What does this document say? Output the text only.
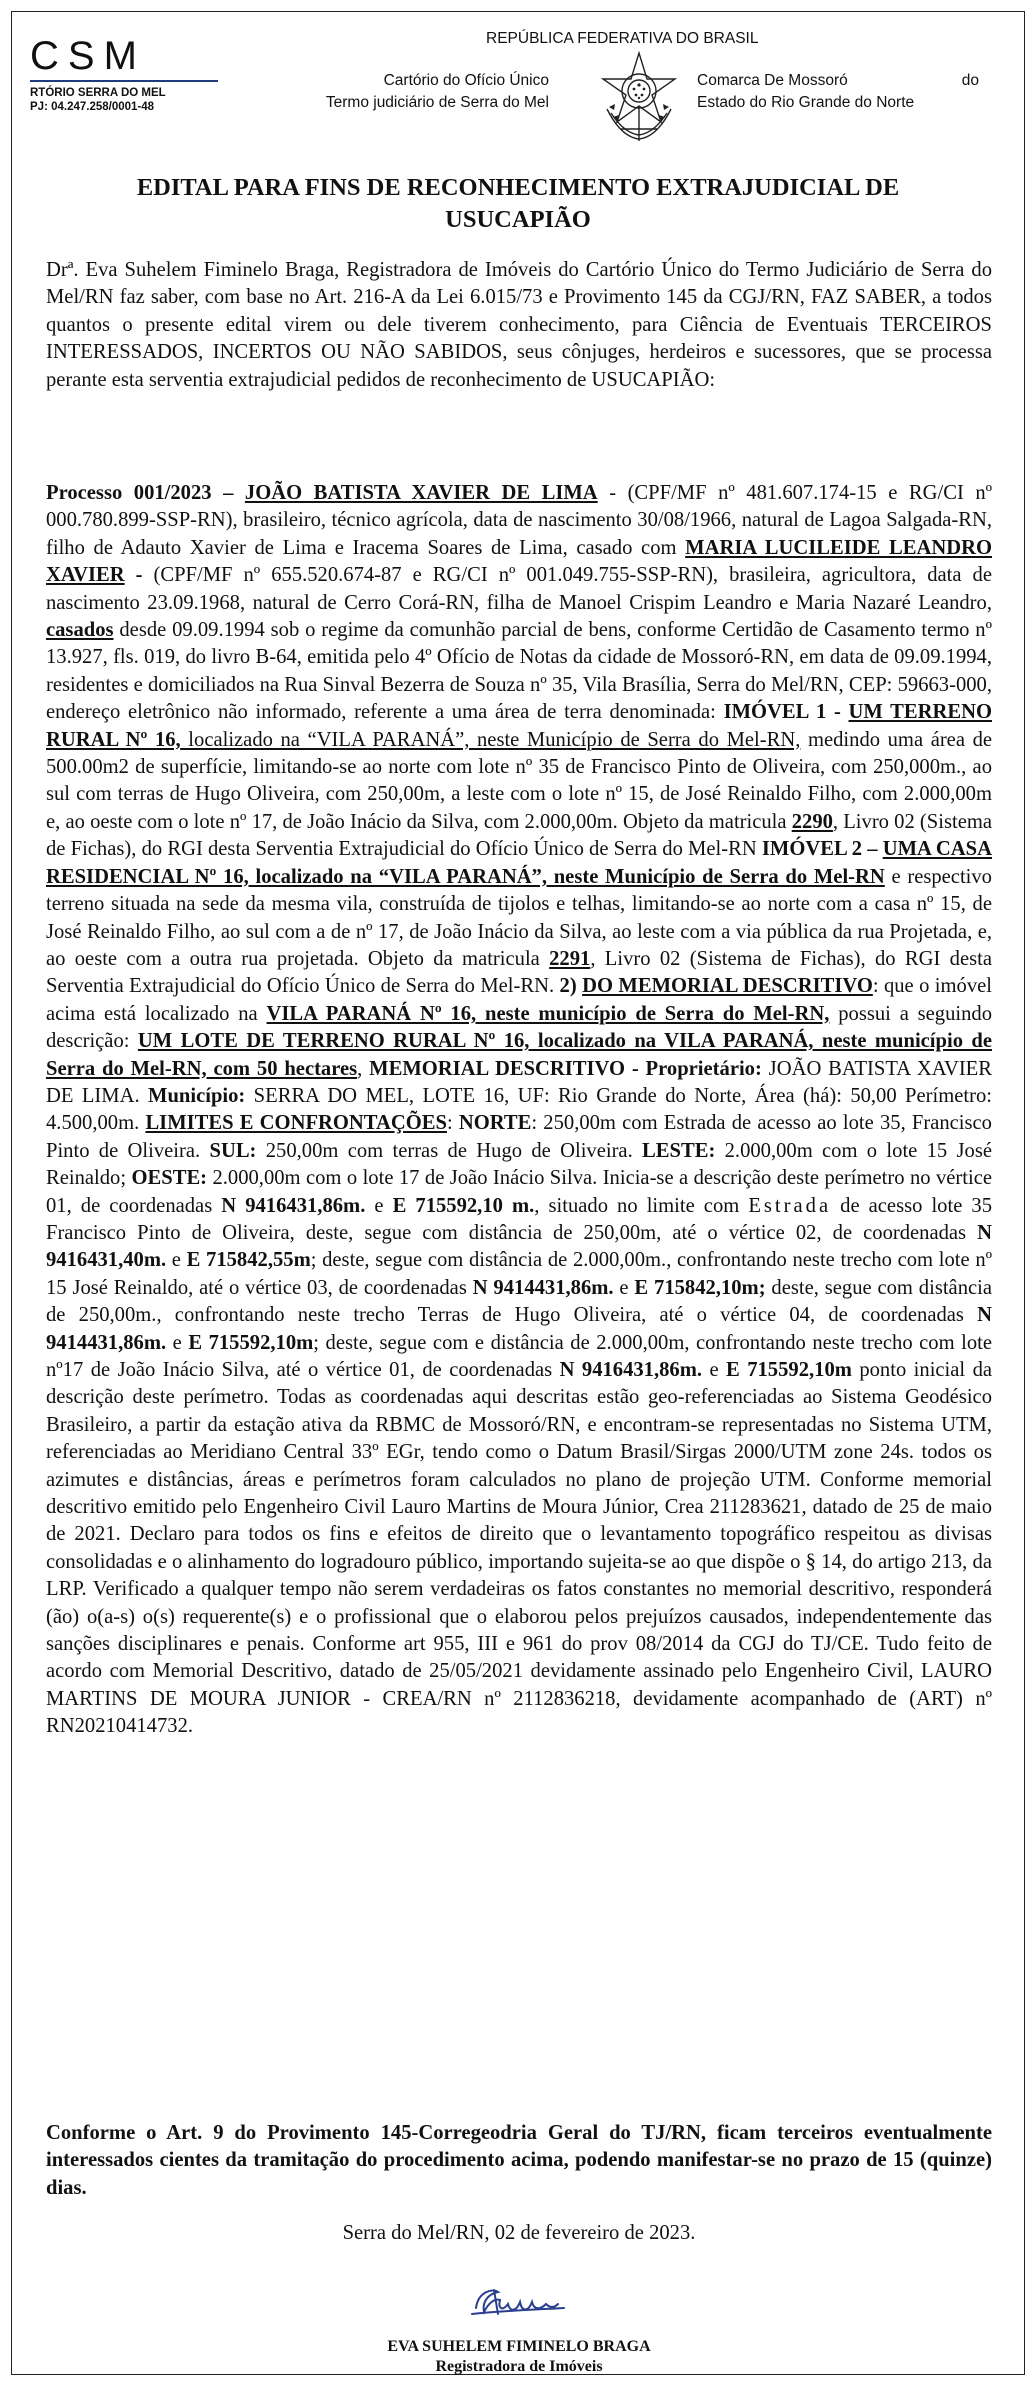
CSM
RTÓRIO SERRA DO MEL
PJ: 04.247.258/0001-48
REPÚBLICA FEDERATIVA DO BRASIL
Cartório do Ofício Único
Termo judiciário de Serra do Mel
Comarca De Mossoró	do
Estado do Rio Grande do Norte
EDITAL PARA FINS DE RECONHECIMENTO EXTRAJUDICIAL DE
USUCAPIÃO

Drª. Eva Suhelem Fiminelo Braga, Registradora de Imóveis do Cartório Único do Termo Judiciário de Serra do Mel/RN faz saber, com base no Art. 216-A da Lei 6.015/73 e Provimento 145 da CGJ/RN, FAZ SABER, a todos quantos o presente edital virem ou dele tiverem conhecimento, para Ciência de Eventuais TERCEIROS INTERESSADOS, INCERTOS OU NÃO SABIDOS, seus cônjuges, herdeiros e sucessores, que se processa perante esta serventia extrajudicial pedidos de reconhecimento de USUCAPIÃO:

Processo 001/2023 – JOÃO BATISTA XAVIER DE LIMA - (CPF/MF nº 481.607.174-15 e RG/CI nº 000.780.899-SSP-RN), brasileiro, técnico agrícola, data de nascimento 30/08/1966, natural de Lagoa Salgada-RN, filho de Adauto Xavier de Lima e Iracema Soares de Lima, casado com MARIA LUCILEIDE LEANDRO XAVIER - (CPF/MF nº 655.520.674-87 e RG/CI nº 001.049.755-SSP-RN), brasileira, agricultora, data de nascimento 23.09.1968, natural de Cerro Corá-RN, filha de Manoel Crispim Leandro e Maria Nazaré Leandro, casados desde 09.09.1994 sob o regime da comunhão parcial de bens, conforme Certidão de Casamento termo nº 13.927, fls. 019, do livro B-64, emitida pelo 4º Ofício de Notas da cidade de Mossoró-RN, em data de 09.09.1994, residentes e domiciliados na Rua Sinval Bezerra de Souza nº 35, Vila Brasília, Serra do Mel/RN, CEP: 59663-000, endereço eletrônico não informado, referente a uma área de terra denominada: IMÓVEL 1 - UM TERRENO RURAL Nº 16, localizado na “VILA PARANÁ”, neste Município de Serra do Mel-RN, medindo uma área de 500.00m2 de superfície, limitando-se ao norte com lote nº 35 de Francisco Pinto de Oliveira, com 250,000m., ao sul com terras de Hugo Oliveira, com 250,00m, a leste com o lote nº 15, de José Reinaldo Filho, com 2.000,00m e, ao oeste com o lote nº 17, de João Inácio da Silva, com 2.000,00m. Objeto da matricula 2290, Livro 02 (Sistema de Fichas), do RGI desta Serventia Extrajudicial do Ofício Único de Serra do Mel-RN IMÓVEL 2 – UMA CASA RESIDENCIAL Nº 16, localizado na “VILA PARANÁ”, neste Município de Serra do Mel-RN e respectivo terreno situada na sede da mesma vila, construída de tijolos e telhas, limitando-se ao norte com a casa nº 15, de José Reinaldo Filho, ao sul com a de nº 17, de João Inácio da Silva, ao leste com a via pública da rua Projetada, e, ao oeste com a outra rua projetada. Objeto da matricula 2291, Livro 02 (Sistema de Fichas), do RGI desta Serventia Extrajudicial do Ofício Único de Serra do Mel-RN. 2) DO MEMORIAL DESCRITIVO: que o imóvel acima está localizado na VILA PARANÁ Nº 16, neste município de Serra do Mel-RN, possui a seguindo descrição: UM LOTE DE TERRENO RURAL Nº 16, localizado na VILA PARANÁ, neste município de Serra do Mel-RN, com 50 hectares, MEMORIAL DESCRITIVO - Proprietário: JOÃO BATISTA XAVIER DE LIMA. Município: SERRA DO MEL, LOTE 16, UF: Rio Grande do Norte, Área (há): 50,00 Perímetro: 4.500,00m. LIMITES E CONFRONTAÇÕES: NORTE: 250,00m com Estrada de acesso ao lote 35, Francisco Pinto de Oliveira. SUL: 250,00m com terras de Hugo de Oliveira. LESTE: 2.000,00m com o lote 15 José Reinaldo; OESTE: 2.000,00m com o lote 17 de João Inácio Silva. Inicia-se a descrição deste perímetro no vértice 01, de coordenadas N 9416431,86m. e E 715592,10 m., situado no limite com Estrada de acesso lote 35 Francisco Pinto de Oliveira, deste, segue com distância de 250,00m, até o vértice 02, de coordenadas N 9416431,40m. e E 715842,55m; deste, segue com distância de 2.000,00m., confrontando neste trecho com lote nº 15 José Reinaldo, até o vértice 03, de coordenadas N 9414431,86m. e E 715842,10m; deste, segue com distância de 250,00m., confrontando neste trecho Terras de Hugo Oliveira, até o vértice 04, de coordenadas N 9414431,86m. e E 715592,10m; deste, segue com e distância de 2.000,00m, confrontando neste trecho com lote nº17 de João Inácio Silva, até o vértice 01, de coordenadas N 9416431,86m. e E 715592,10m ponto inicial da descrição deste perímetro. Todas as coordenadas aqui descritas estão geo-referenciadas ao Sistema Geodésico Brasileiro, a partir da estação ativa da RBMC de Mossoró/RN, e encontram-se representadas no Sistema UTM, referenciadas ao Meridiano Central 33º EGr, tendo como o Datum Brasil/Sirgas 2000/UTM zone 24s. todos os azimutes e distâncias, áreas e perímetros foram calculados no plano de projeção UTM. Conforme memorial descritivo emitido pelo Engenheiro Civil Lauro Martins de Moura Júnior, Crea 211283621, datado de 25 de maio de 2021. Declaro para todos os fins e efeitos de direito que o levantamento topográfico respeitou as divisas consolidadas e o alinhamento do logradouro público, importando sujeita-se ao que dispõe o § 14, do artigo 213, da LRP. Verificado a qualquer tempo não serem verdadeiras os fatos constantes no memorial descritivo, responderá (ão) o(a-s) o(s) requerente(s) e o profissional que o elaborou pelos prejuízos causados, independentemente das sanções disciplinares e penais. Conforme art 955, III e 961 do prov 08/2014 da CGJ do TJ/CE. Tudo feito de acordo com Memorial Descritivo, datado de 25/05/2021 devidamente assinado pelo Engenheiro Civil, LAURO MARTINS DE MOURA JUNIOR - CREA/RN nº 2112836218, devidamente acompanhado de (ART) nº RN20210414732.

Conforme o Art. 9 do Provimento 145-Corregeodria Geral do TJ/RN, ficam terceiros eventualmente interessados cientes da tramitação do procedimento acima, podendo manifestar-se no prazo de 15 (quinze) dias.

Serra do Mel/RN, 02 de fevereiro de 2023.
EVA SUHELEM FIMINELO BRAGA
Registradora de Imóveis
